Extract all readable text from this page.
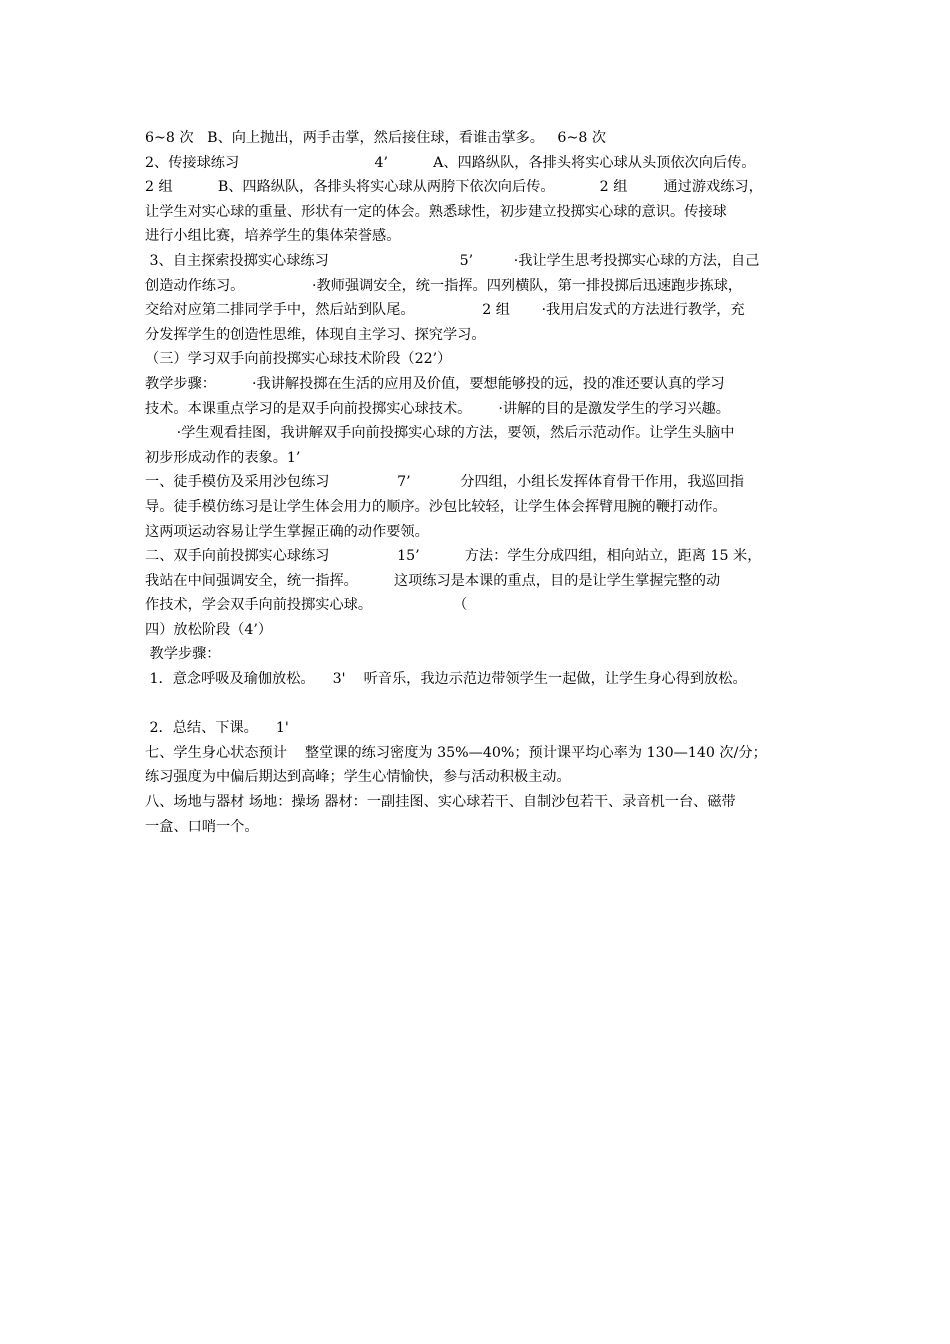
6~8 次   B、向上抛出，两手击掌，然后接住球，看谁击掌多。   6~8 次
2、传接球练习                              4’          A、四路纵队，各排头将实心球从头顶依次向后传。
2 组          B、四路纵队，各排头将实心球从两胯下依次向后传。          2 组        通过游戏练习，
让学生对实心球的重量、形状有一定的体会。熟悉球性，初步建立投掷实心球的意识。传接球
进行小组比赛，培养学生的集体荣誉感。
3、自主探索投掷实心球练习                             5’         ·我让学生思考投掷实心球的方法，自己
创造动作练习。               ·教师强调安全，统一指挥。四列横队，第一排投掷后迅速跑步拣球，
交给对应第二排同学手中，然后站到队尾。               2 组       ·我用启发式的方法进行教学，充
分发挥学生的创造性思维，体现自主学习、探究学习。
（三）学习双手向前投掷实心球技术阶段（22’）
教学步骤：        ·我讲解投掷在生活的应用及价值，要想能够投的远，投的准还要认真的学习
技术。本课重点学习的是双手向前投掷实心球技术。      ·讲解的目的是激发学生的学习兴趣。
·学生观看挂图，我讲解双手向前投掷实心球的方法，要领，然后示范动作。让学生头脑中
初步形成动作的表象。1’
一、徒手模仿及采用沙包练习               7’           分四组，小组长发挥体育骨干作用，我巡回指
导。徒手模仿练习是让学生体会用力的顺序。沙包比较轻，让学生体会挥臂甩腕的鞭打动作。
这两项运动容易让学生掌握正确的动作要领。
二、双手向前投掷实心球练习               15’          方法：学生分成四组，相向站立，距离 15 米，
我站在中间强调安全，统一指挥。        这项练习是本课的重点，目的是让学生掌握完整的动
作技术，学会双手向前投掷实心球。                  （
四）放松阶段（4’）
教学步骤：
1．意念呼吸及瑜伽放松。    3'    听音乐，我边示范边带领学生一起做，让学生身心得到放松。
2．总结、下课。    1'
七、学生身心状态预计    整堂课的练习密度为 35%—40%；预计课平均心率为 130—140 次/分；
练习强度为中偏后期达到高峰；学生心情愉快，参与活动积极主动。
八、场地与器材 场地：操场 器材：一副挂图、实心球若干、自制沙包若干、录音机一台、磁带
一盒、口哨一个。
